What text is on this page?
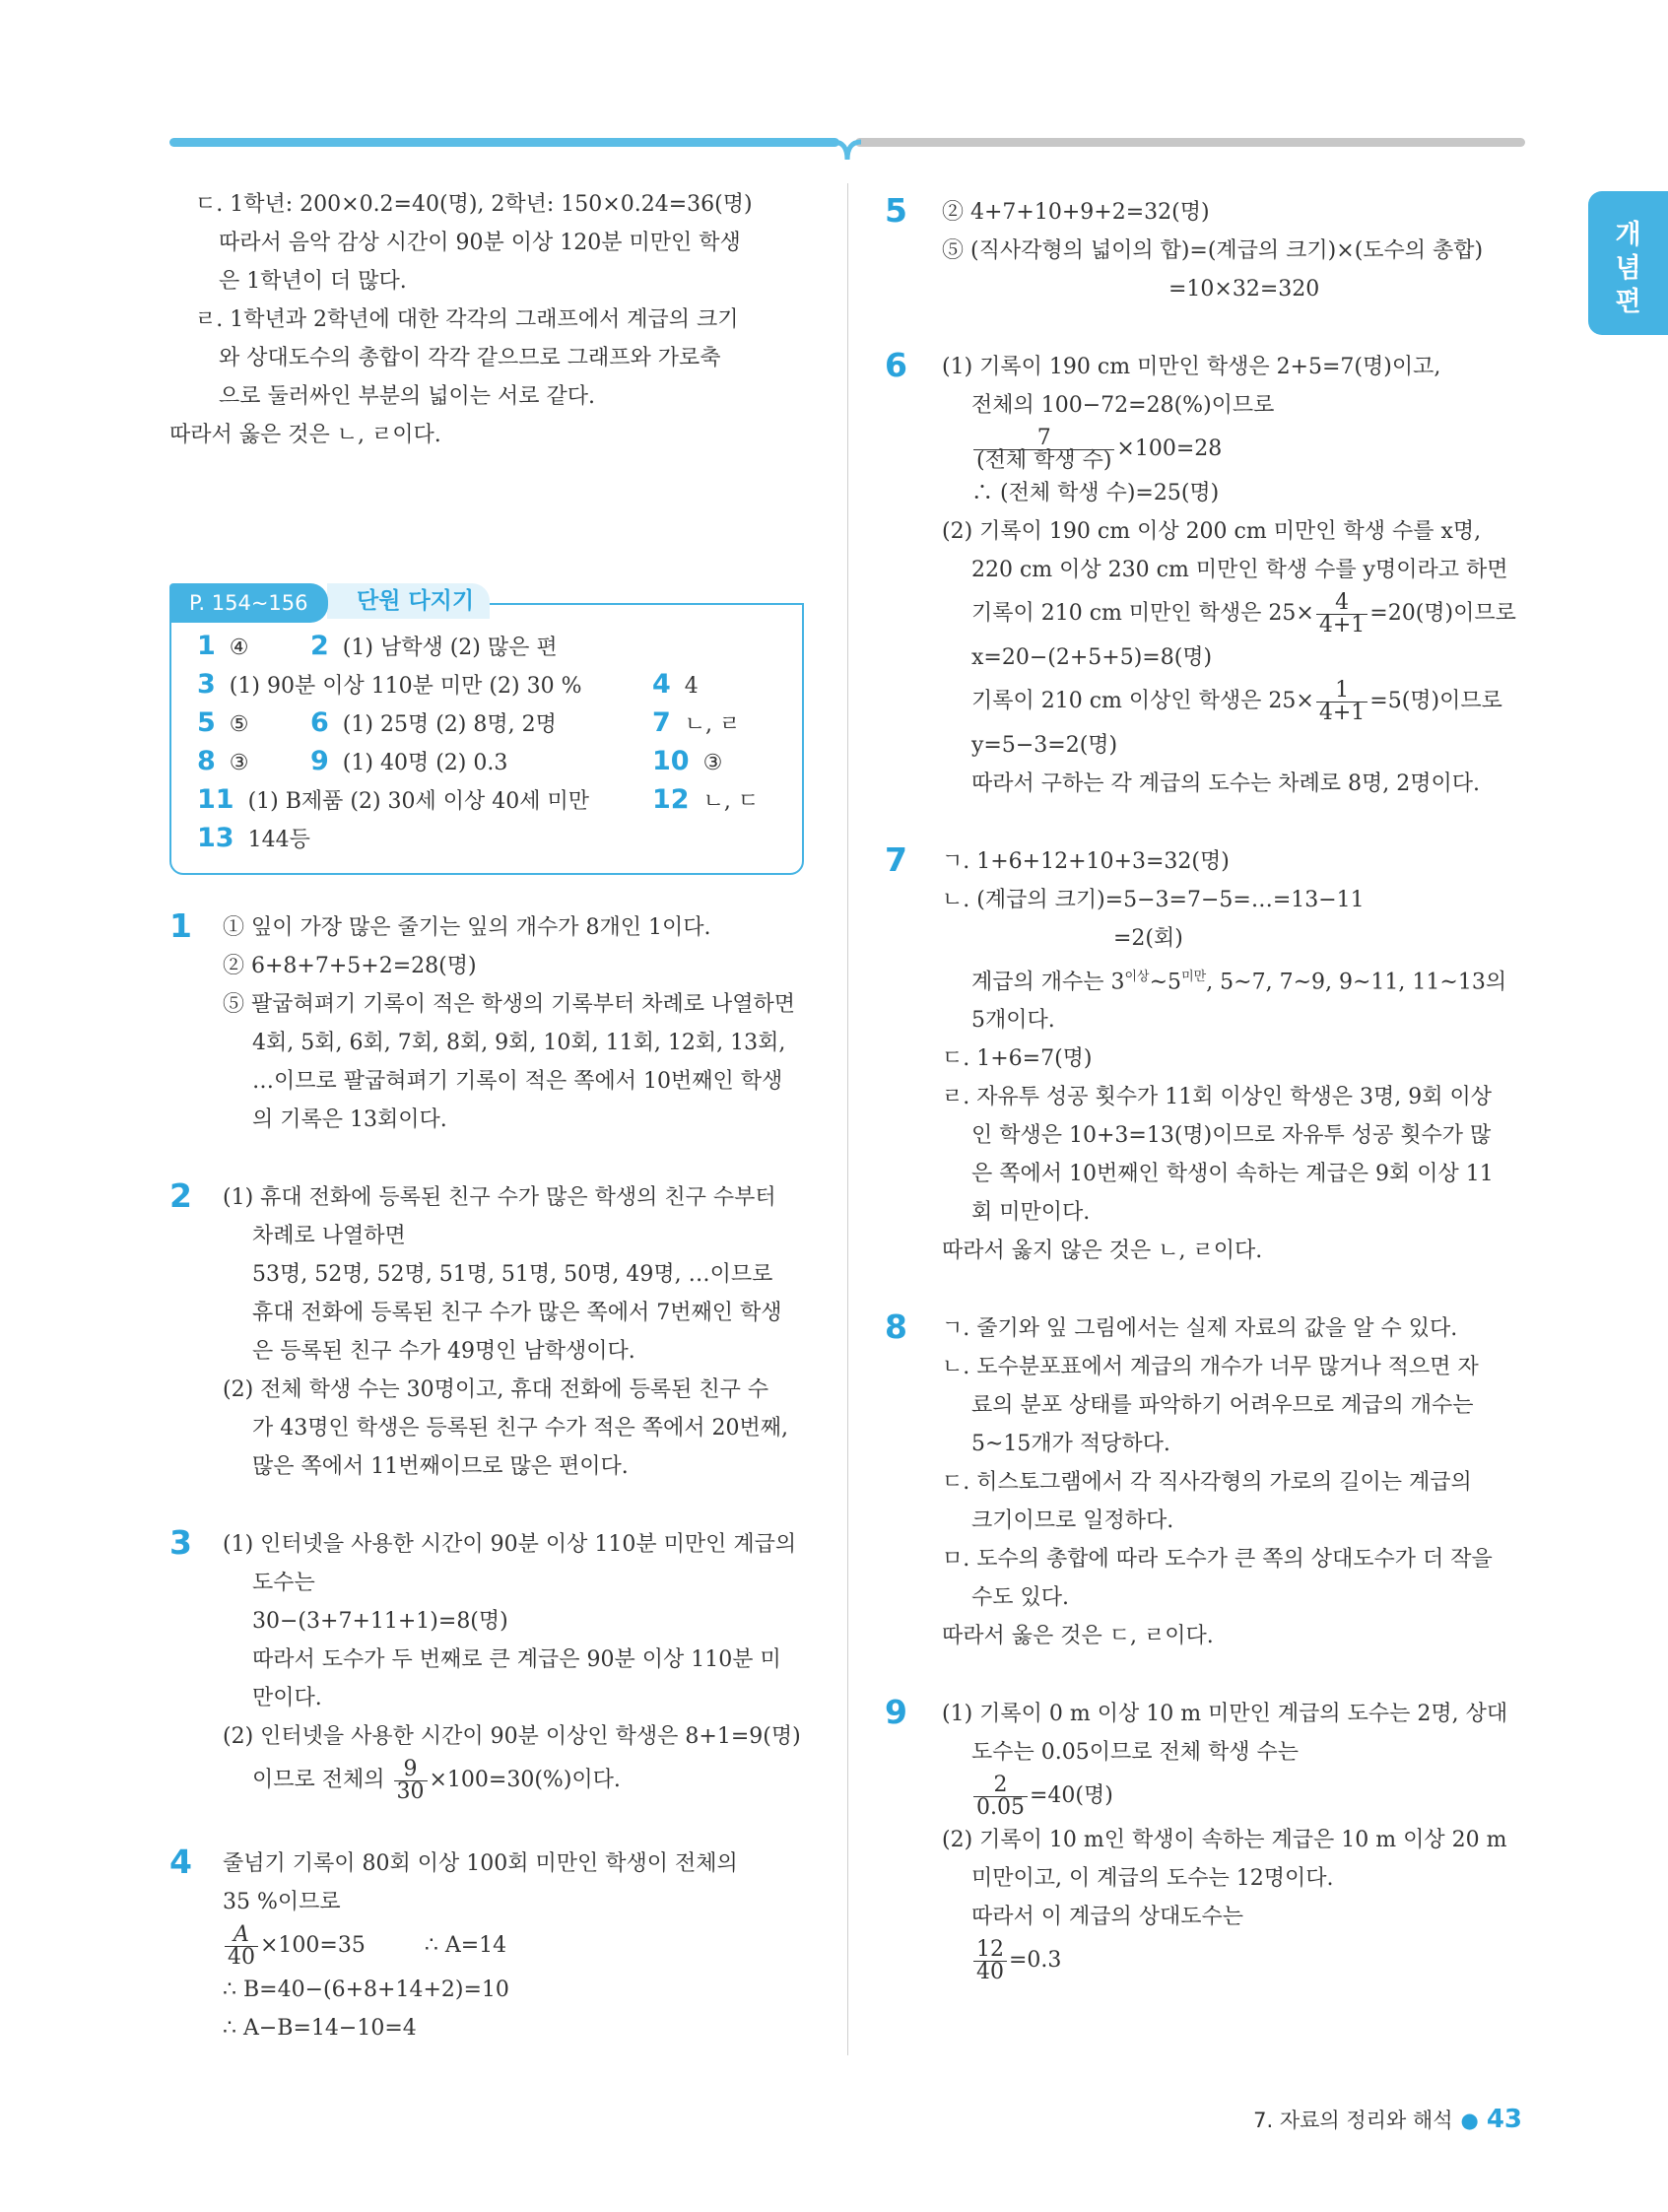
개
념
편
ㄷ. 1학년: 200×0.2=40(명), 2학년: 150×0.24=36(명)
따라서 음악 감상 시간이 90분 이상 120분 미만인 학생
은 1학년이 더 많다.
ㄹ. 1학년과 2학년에 대한 각각의 그래프에서 계급의 크기
와 상대도수의 총합이 각각 같으므로 그래프와 가로축
으로 둘러싸인 부분의 넓이는 서로 같다.
따라서 옳은 것은 ㄴ, ㄹ이다.
단원 다지기
P. 154~156
1 ④ 2 (1) 남학생 (2) 많은 편
3 (1) 90분 이상 110분 미만 (2) 30 %	4 4
5 ⑤ 6 (1) 25명 (2) 8명, 2명	7 ㄴ, ㄹ
8 ③ 9 (1) 40명 (2) 0.3	10 ③
11 (1) B제품 (2) 30세 이상 40세 미만 12 ㄴ, ㄷ
13 144등
1 ① 잎이 가장 많은 줄기는 잎의 개수가 8개인 1이다.
② 6+8+7+5+2=28(명)
⑤ 팔굽혀펴기 기록이 적은 학생의 기록부터 차례로 나열하면
4회, 5회, 6회, 7회, 8회, 9회, 10회, 11회, 12회, 13회,
…이므로 팔굽혀펴기 기록이 적은 쪽에서 10번째인 학생
의 기록은 13회이다.
2 (1) 휴대 전화에 등록된 친구 수가 많은 학생의 친구 수부터
차례로 나열하면
53명, 52명, 52명, 51명, 51명, 50명, 49명, …이므로
휴대 전화에 등록된 친구 수가 많은 쪽에서 7번째인 학생
은 등록된 친구 수가 49명인 남학생이다.
(2) 전체 학생 수는 30명이고, 휴대 전화에 등록된 친구 수
가 43명인 학생은 등록된 친구 수가 적은 쪽에서 20번째,
많은 쪽에서 11번째이므로 많은 편이다.
3 (1) 인터넷을 사용한 시간이 90분 이상 110분 미만인 계급의
도수는
30−(3+7+11+1)=8(명)
따라서 도수가 두 번째로 큰 계급은 90분 이상 110분 미
만이다.
(2) 인터넷을 사용한 시간이 90분 이상인 학생은 8+1=9(명)
이므로 전체의 $\frac{9}{30} \times 100=30(\%)$이다.
4 줄넘기 기록이 80회 이상 100회 미만인 학생이 전체의
35 %이므로
$\frac{A}{40} \times 100=35$	∴ A=14
∴ B=40−(6+8+14+2)=10
∴ A−B=14−10=4
5 ② 4+7+10+9+2=32(명)
⑤ (직사각형의 넓이의 합)=(계급의 크기)×(도수의 총합)
=10×32=320
6 (1) 기록이 190 cm 미만인 학생은 2+5=7(명)이고,
전체의 100−72=28(%)이므로
$\frac{7}{\text{(전체 학생 수)}} \times 100=28$
∴ (전체 학생 수)=25(명)
(2) 기록이 190 cm 이상 200 cm 미만인 학생 수를 x명,
220 cm 이상 230 cm 미만인 학생 수를 y명이라고 하면
기록이 210 cm 미만인 학생은 $25\times \frac{4}{4+1} =20$(명)이므로
x=20−(2+5+5)=8(명)
기록이 210 cm 이상인 학생은 $25\times \frac{1}{4+1} =5$(명)이므로
y=5−3=2(명)
따라서 구하는 각 계급의 도수는 차례로 8명, 2명이다.
7 ㄱ. 1+6+12+10+3=32(명)
ㄴ. (계급의 크기)=5−3=7−5=…=13−11
=2(회)
계급의 개수는 $3^{이상}\sim 5^{미만}$, 5~7, 7~9, 9~11, 11~13의
5개이다.
ㄷ. 1+6=7(명)
ㄹ. 자유투 성공 횟수가 11회 이상인 학생은 3명, 9회 이상
인 학생은 10+3=13(명)이므로 자유투 성공 횟수가 많
은 쪽에서 10번째인 학생이 속하는 계급은 9회 이상 11
회 미만이다.
따라서 옳지 않은 것은 ㄴ, ㄹ이다.
8 ㄱ. 줄기와 잎 그림에서는 실제 자료의 값을 알 수 있다.
ㄴ. 도수분포표에서 계급의 개수가 너무 많거나 적으면 자
료의 분포 상태를 파악하기 어려우므로 계급의 개수는
5~15개가 적당하다.
ㄷ. 히스토그램에서 각 직사각형의 가로의 길이는 계급의
크기이므로 일정하다.
ㅁ. 도수의 총합에 따라 도수가 큰 쪽의 상대도수가 더 작을
수도 있다.
따라서 옳은 것은 ㄷ, ㄹ이다.
9 (1) 기록이 0 m 이상 10 m 미만인 계급의 도수는 2명, 상대
도수는 0.05이므로 전체 학생 수는
$\frac{2}{0.05} =40$(명)
(2) 기록이 10 m인 학생이 속하는 계급은 10 m 이상 20 m
미만이고, 이 계급의 도수는 12명이다.
따라서 이 계급의 상대도수는
$\frac{12}{40} =0.3$
7. 자료의 정리와 해석 ● 43
